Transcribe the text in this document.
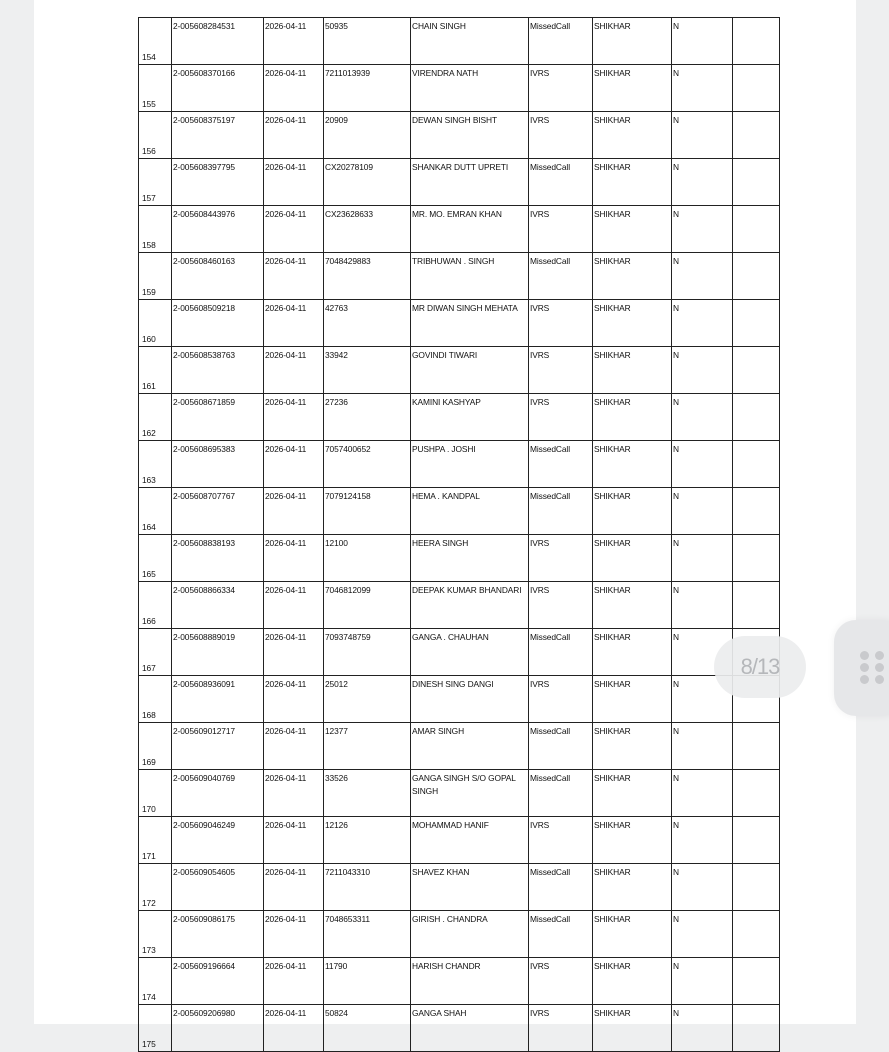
154	2-005608284531	2026-04-11	50935	CHAIN SINGH	MissedCall	SHIKHAR	N	
155	2-005608370166	2026-04-11	7211013939	VIRENDRA NATH	IVRS	SHIKHAR	N	
156	2-005608375197	2026-04-11	20909	DEWAN SINGH BISHT	IVRS	SHIKHAR	N	
157	2-005608397795	2026-04-11	CX20278109	SHANKAR DUTT UPRETI	MissedCall	SHIKHAR	N	
158	2-005608443976	2026-04-11	CX23628633	MR. MO. EMRAN KHAN	IVRS	SHIKHAR	N	
159	2-005608460163	2026-04-11	7048429883	TRIBHUWAN . SINGH	MissedCall	SHIKHAR	N	
160	2-005608509218	2026-04-11	42763	MR DIWAN SINGH MEHATA	IVRS	SHIKHAR	N	
161	2-005608538763	2026-04-11	33942	GOVINDI TIWARI	IVRS	SHIKHAR	N	
162	2-005608671859	2026-04-11	27236	KAMINI KASHYAP	IVRS	SHIKHAR	N	
163	2-005608695383	2026-04-11	7057400652	PUSHPA . JOSHI	MissedCall	SHIKHAR	N	
164	2-005608707767	2026-04-11	7079124158	HEMA . KANDPAL	MissedCall	SHIKHAR	N	
165	2-005608838193	2026-04-11	12100	HEERA SINGH	IVRS	SHIKHAR	N	
166	2-005608866334	2026-04-11	7046812099	DEEPAK KUMAR BHANDARI	IVRS	SHIKHAR	N	
167	2-005608889019	2026-04-11	7093748759	GANGA . CHAUHAN	MissedCall	SHIKHAR	N	
168	2-005608936091	2026-04-11	25012	DINESH SING DANGI	IVRS	SHIKHAR	N	
169	2-005609012717	2026-04-11	12377	AMAR SINGH	MissedCall	SHIKHAR	N	
170	2-005609040769	2026-04-11	33526	GANGA SINGH S/O GOPAL SINGH	MissedCall	SHIKHAR	N	
171	2-005609046249	2026-04-11	12126	MOHAMMAD HANIF	IVRS	SHIKHAR	N	
172	2-005609054605	2026-04-11	7211043310	SHAVEZ KHAN	MissedCall	SHIKHAR	N	
173	2-005609086175	2026-04-11	7048653311	GIRISH . CHANDRA	MissedCall	SHIKHAR	N	
174	2-005609196664	2026-04-11	11790	HARISH CHANDR	IVRS	SHIKHAR	N	
175	2-005609206980	2026-04-11	50824	GANGA SHAH	IVRS	SHIKHAR	N	
8/13
